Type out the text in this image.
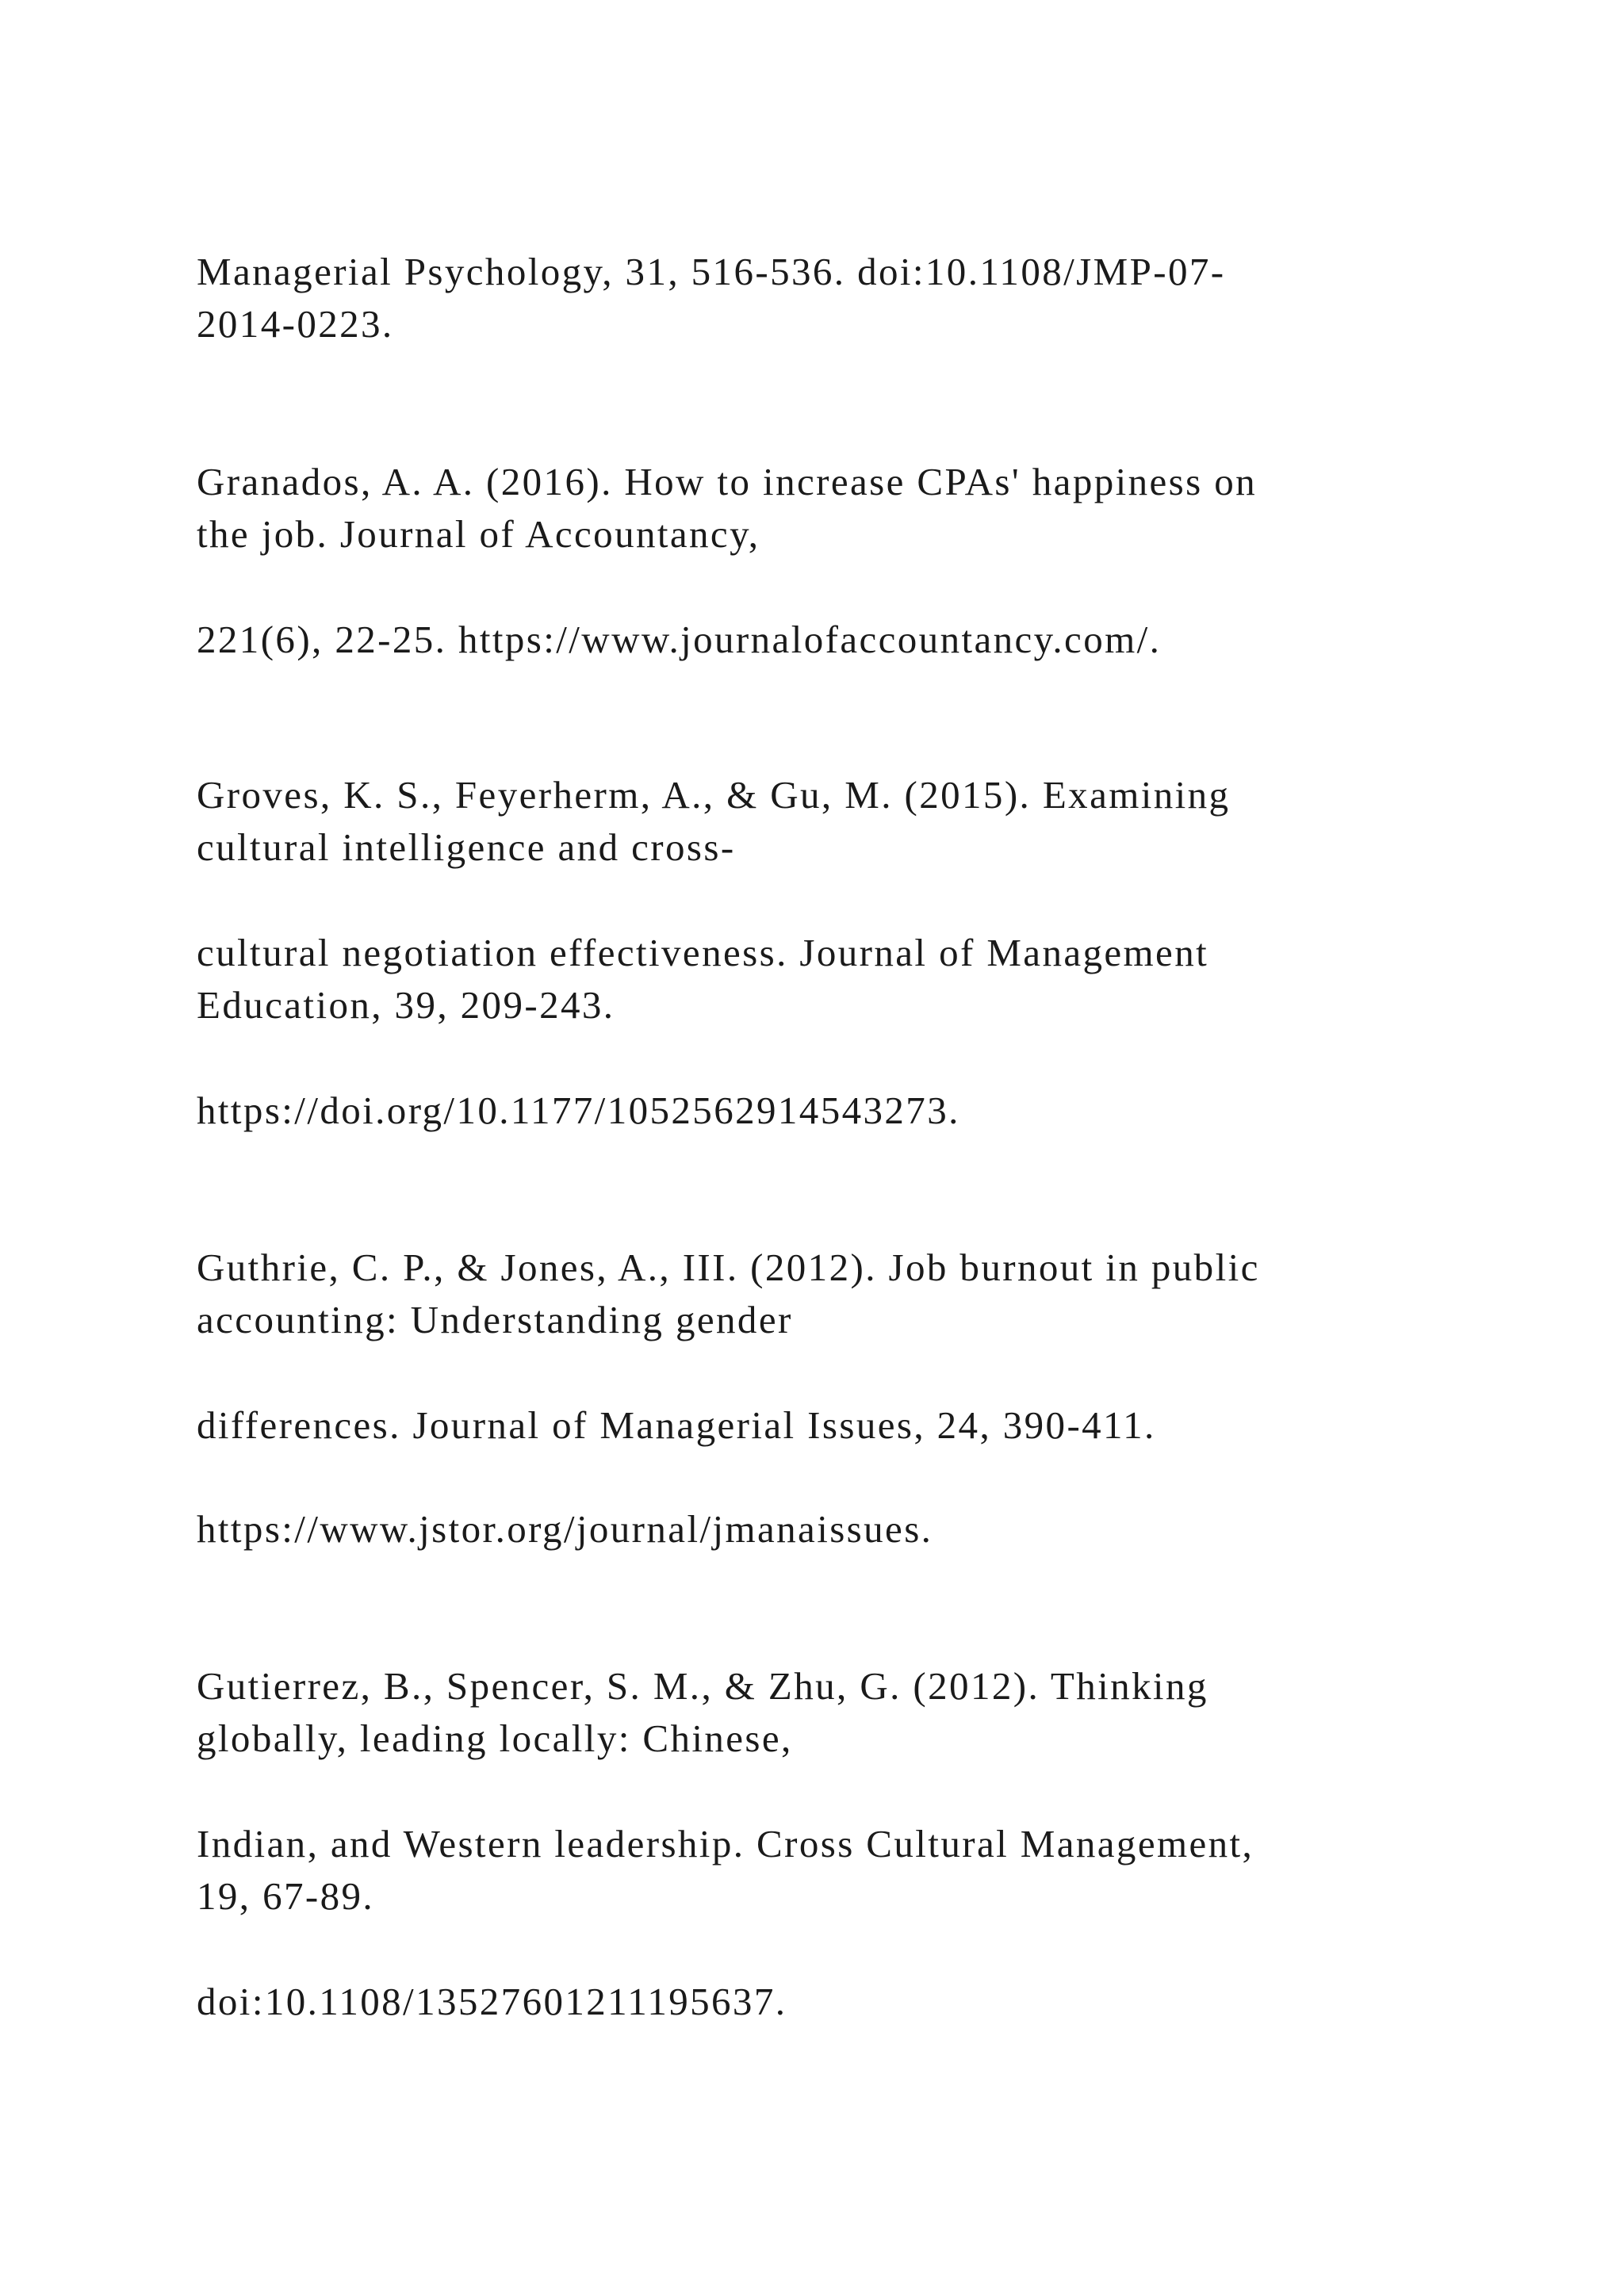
Managerial Psychology, 31, 516-536. doi:10.1108/JMP-07-

2014-0223.

Granados, A. A. (2016). How to increase CPAs' happiness on

the job. Journal of Accountancy,

221(6), 22-25. https://www.journalofaccountancy.com/.

Groves, K. S., Feyerherm, A., & Gu, M. (2015). Examining

cultural intelligence and cross-

cultural negotiation effectiveness. Journal of Management

Education, 39, 209-243.

https://doi.org/10.1177/1052562914543273.

Guthrie, C. P., & Jones, A., III. (2012). Job burnout in public

accounting: Understanding gender

differences. Journal of Managerial Issues, 24, 390-411.

https://www.jstor.org/journal/jmanaissues.

Gutierrez, B., Spencer, S. M., & Zhu, G. (2012). Thinking

globally, leading locally: Chinese,

Indian, and Western leadership. Cross Cultural Management,

19, 67-89.

doi:10.1108/13527601211195637.
